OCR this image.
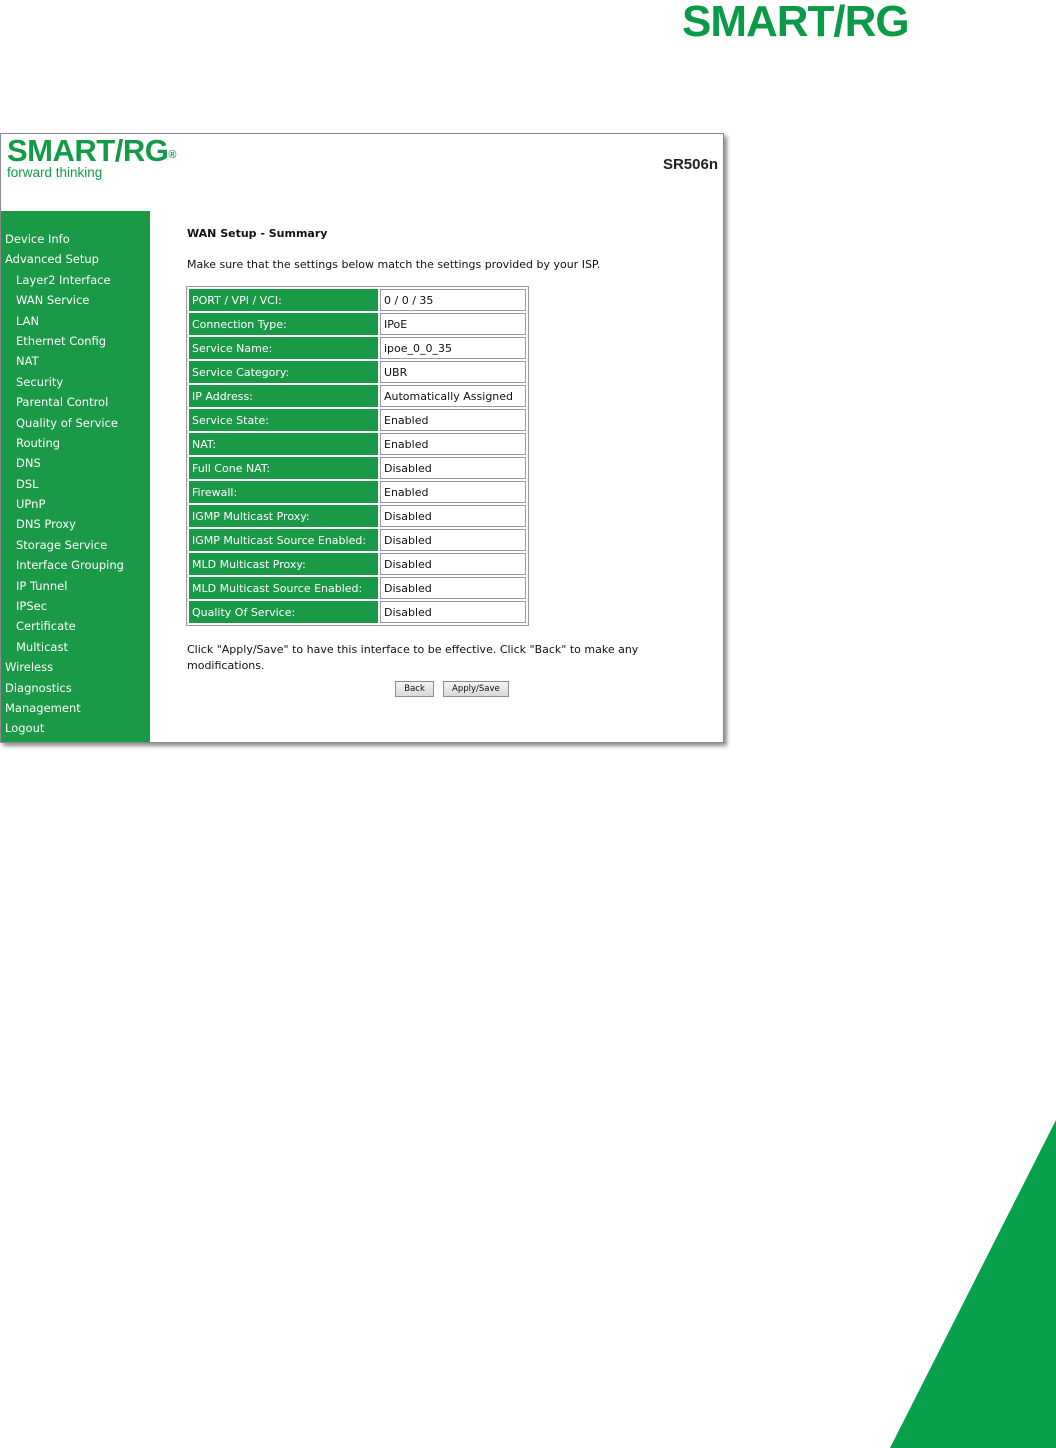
SMART/RG
SMART/RG®
forward thinking	SR506n
Device Info
Advanced Setup
Layer2 Interface
WAN Service
LAN
Ethernet Config
NAT
Security
Parental Control
Quality of Service
Routing
DNS
DSL
UPnP
DNS Proxy
Storage Service
Interface Grouping
IP Tunnel
IPSec
Certificate
Multicast
Wireless
Diagnostics
Management
Logout
WAN Setup - Summary
Make sure that the settings below match the settings provided by your ISP.
PORT / VPI / VCI:	0 / 0 / 35
Connection Type:	IPoE
Service Name:	ipoe_0_0_35
Service Category:	UBR
IP Address:	Automatically Assigned
Service State:	Enabled
NAT:	Enabled
Full Cone NAT:	Disabled
Firewall:	Enabled
IGMP Multicast Proxy:	Disabled
IGMP Multicast Source Enabled:	Disabled
MLD Multicast Proxy:	Disabled
MLD Multicast Source Enabled:	Disabled
Quality Of Service:	Disabled
Click "Apply/Save" to have this interface to be effective. Click "Back" to make any modifications.
Back	Apply/Save
